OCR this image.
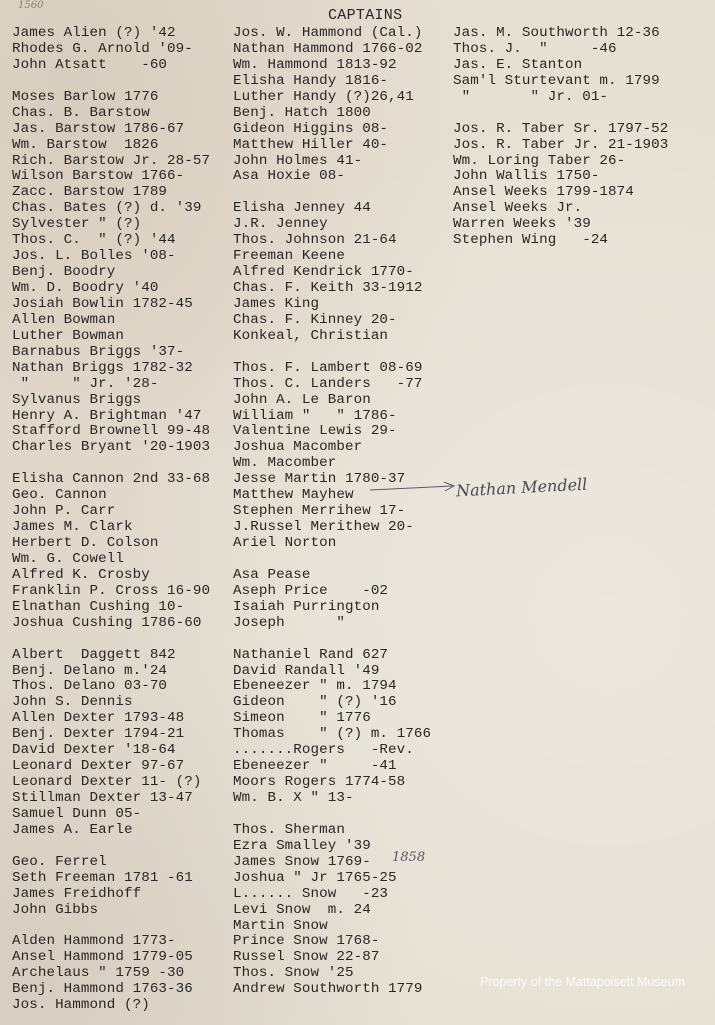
1560
CAPTAINS
James Alien (?) '42
Rhodes G. Arnold '09-
John Atsatt    -60
Moses Barlow 1776
Chas. B. Barstow
Jas. Barstow 1786-67
Wm. Barstow  1826
Rich. Barstow Jr. 28-57
Wilson Barstow 1766-
Zacc. Barstow 1789
Chas. Bates (?) d. '39
Sylvester " (?)
Thos. C.  " (?) '44
Jos. L. Bolles '08-
Benj. Boodry
Wm. D. Boodry '40
Josiah Bowlin 1782-45
Allen Bowman
Luther Bowman
Barnabus Briggs '37-
Nathan Briggs 1782-32
"     " Jr. '28-
Sylvanus Briggs
Henry A. Brightman '47
Stafford Brownell 99-48
Charles Bryant '20-1903
Elisha Cannon 2nd 33-68
Geo. Cannon
John P. Carr
James M. Clark
Herbert D. Colson
Wm. G. Cowell
Alfred K. Crosby
Franklin P. Cross 16-90
Elnathan Cushing 10-
Joshua Cushing 1786-60
Albert  Daggett 842
Benj. Delano m.'24
Thos. Delano 03-70
John S. Dennis
Allen Dexter 1793-48
Benj. Dexter 1794-21
David Dexter '18-64
Leonard Dexter 97-67
Leonard Dexter 11- (?)
Stillman Dexter 13-47
Samuel Dunn 05-
James A. Earle
Geo. Ferrel
Seth Freeman 1781 -61
James Freidhoff
John Gibbs
Alden Hammond 1773-
Ansel Hammond 1779-05
Archelaus " 1759 -30
Benj. Hammond 1763-36
Jos. Hammond (?)
Jos. W. Hammond (Cal.)
Nathan Hammond 1766-02
Wm. Hammond 1813-92
Elisha Handy 1816-
Luther Handy (?)26,41
Benj. Hatch 1800
Gideon Higgins 08-
Matthew Hiller 40-
John Holmes 41-
Asa Hoxie 08-
Elisha Jenney 44
J.R. Jenney
Thos. Johnson 21-64
Freeman Keene
Alfred Kendrick 1770-
Chas. F. Keith 33-1912
James King
Chas. F. Kinney 20-
Konkeal, Christian
Thos. F. Lambert 08-69
Thos. C. Landers   -77
John A. Le Baron
William "   " 1786-
Valentine Lewis 29-
Joshua Macomber
Wm. Macomber
Jesse Martin 1780-37
Matthew Mayhew
Stephen Merrihew 17-
J.Russel Merithew 20-
Ariel Norton
Asa Pease
Aseph Price    -02
Isaiah Purrington
Joseph      "
Nathaniel Rand 627
David Randall '49
Ebeneezer " m. 1794
Gideon    " (?) '16
Simeon    " 1776
Thomas    " (?) m. 1766
.......Rogers   -Rev.
Ebeneezer "     -41
Moors Rogers 1774-58
Wm. B. X " 13-
Thos. Sherman
Ezra Smalley '39
James Snow 1769-
Joshua " Jr 1765-25
L...... Snow   -23
Levi Snow  m. 24
Martin Snow
Prince Snow 1768-
Russel Snow 22-87
Thos. Snow '25
Andrew Southworth 1779
Jas. M. Southworth 12-36
Thos. J.  "     -46
Jas. E. Stanton
Sam'l Sturtevant m. 1799
"       " Jr. 01-
Jos. R. Taber Sr. 1797-52
Jos. R. Taber Jr. 21-1903
Wm. Loring Taber 26-
John Wallis 1750-
Ansel Weeks 1799-1874
Ansel Weeks Jr.
Warren Weeks '39
Stephen Wing   -24
Nathan Mendell
1858
Property of the Mattapoisett Museum
